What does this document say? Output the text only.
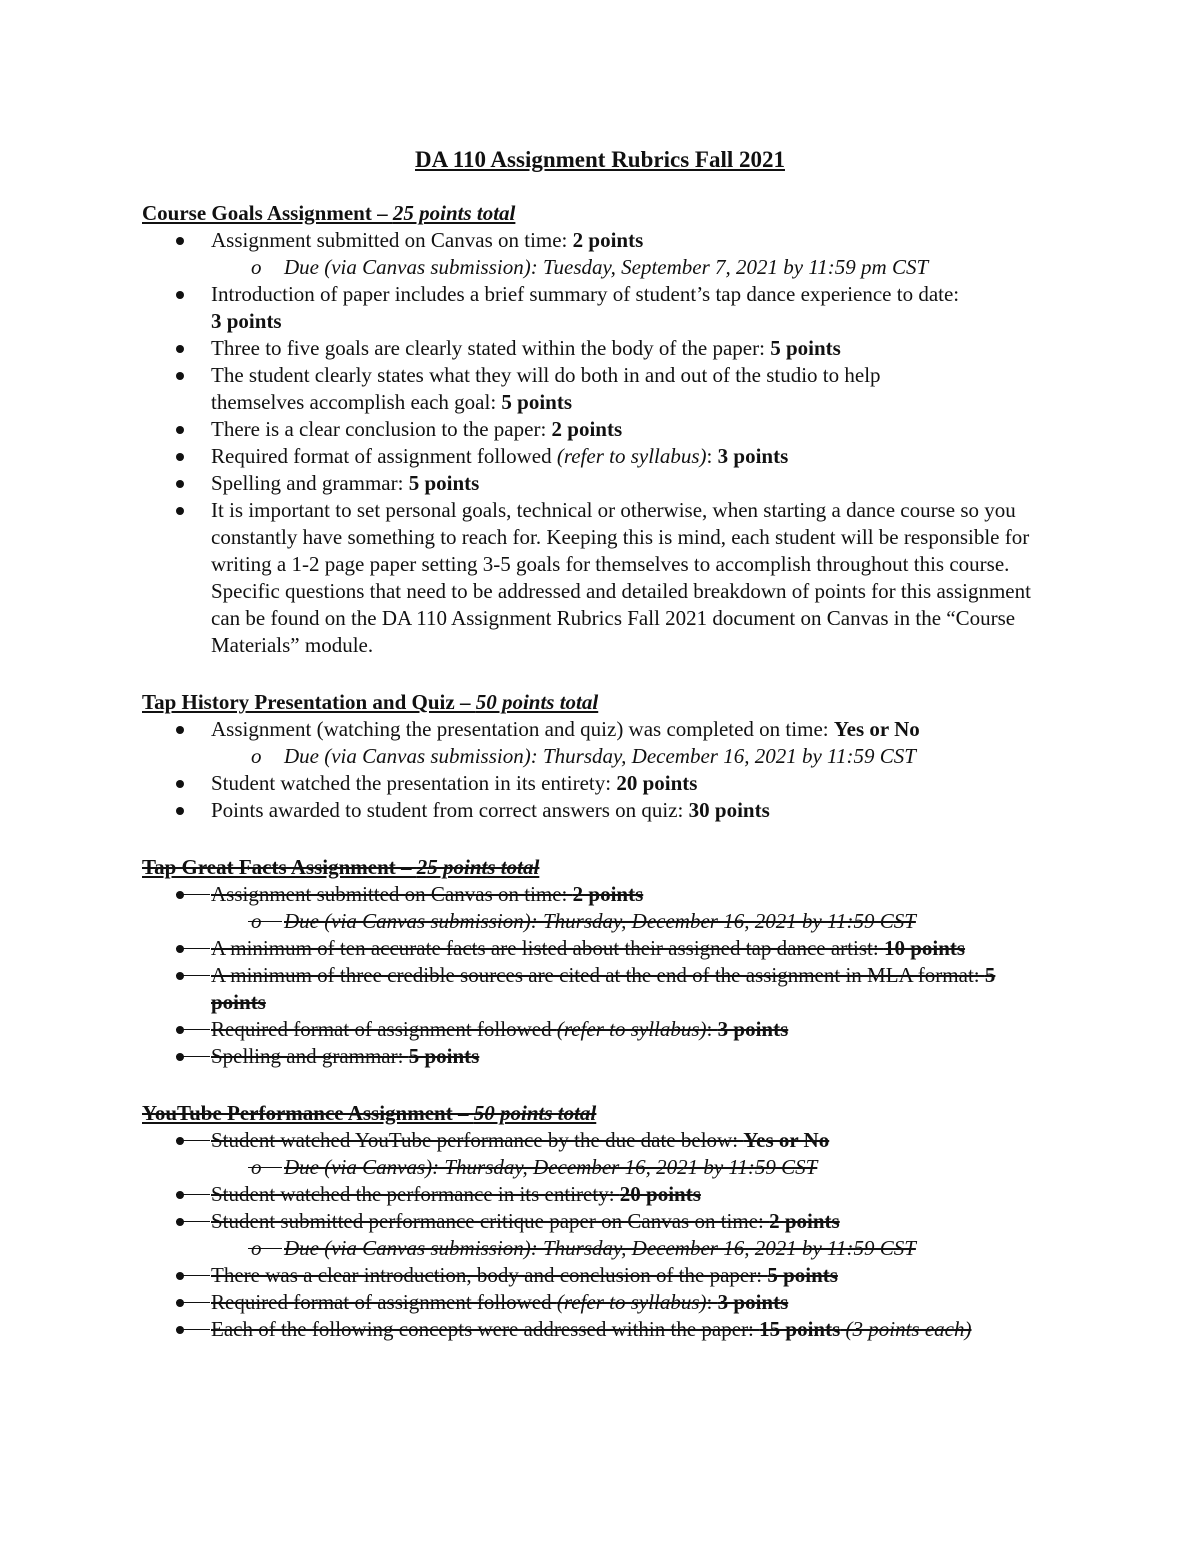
DA 110 Assignment Rubrics Fall 2021
Course Goals Assignment – 25 points total
Assignment submitted on Canvas on time: 2 points
o Due (via Canvas submission): Tuesday, September 7, 2021 by 11:59 pm CST
Introduction of paper includes a brief summary of student’s tap dance experience to date:
3 points
Three to five goals are clearly stated within the body of the paper: 5 points
The student clearly states what they will do both in and out of the studio to help themselves accomplish each goal: 5 points
There is a clear conclusion to the paper: 2 points
Required format of assignment followed (refer to syllabus): 3 points
Spelling and grammar: 5 points
It is important to set personal goals, technical or otherwise, when starting a dance course so you constantly have something to reach for. Keeping this is mind, each student will be responsible for writing a 1-2 page paper setting 3-5 goals for themselves to accomplish throughout this course. Specific questions that need to be addressed and detailed breakdown of points for this assignment can be found on the DA 110 Assignment Rubrics Fall 2021 document on Canvas in the “Course Materials” module.
Tap History Presentation and Quiz – 50 points total
Assignment (watching the presentation and quiz) was completed on time: Yes or No
o Due (via Canvas submission): Thursday, December 16, 2021 by 11:59 CST
Student watched the presentation in its entirety: 20 points
Points awarded to student from correct answers on quiz: 30 points
Tap Great Facts Assignment – 25 points total
Assignment submitted on Canvas on time: 2 points
o Due (via Canvas submission): Thursday, December 16, 2021 by 11:59 CST
A minimum of ten accurate facts are listed about their assigned tap dance artist: 10 points
A minimum of three credible sources are cited at the end of the assignment in MLA format: 5 points
Required format of assignment followed (refer to syllabus): 3 points
Spelling and grammar: 5 points
YouTube Performance Assignment – 50 points total
Student watched YouTube performance by the due date below: Yes or No
o Due (via Canvas): Thursday, December 16, 2021 by 11:59 CST
Student watched the performance in its entirety: 20 points
Student submitted performance critique paper on Canvas on time: 2 points
o Due (via Canvas submission): Thursday, December 16, 2021 by 11:59 CST
There was a clear introduction, body and conclusion of the paper: 5 points
Required format of assignment followed (refer to syllabus): 3 points
Each of the following concepts were addressed within the paper: 15 points (3 points each)
